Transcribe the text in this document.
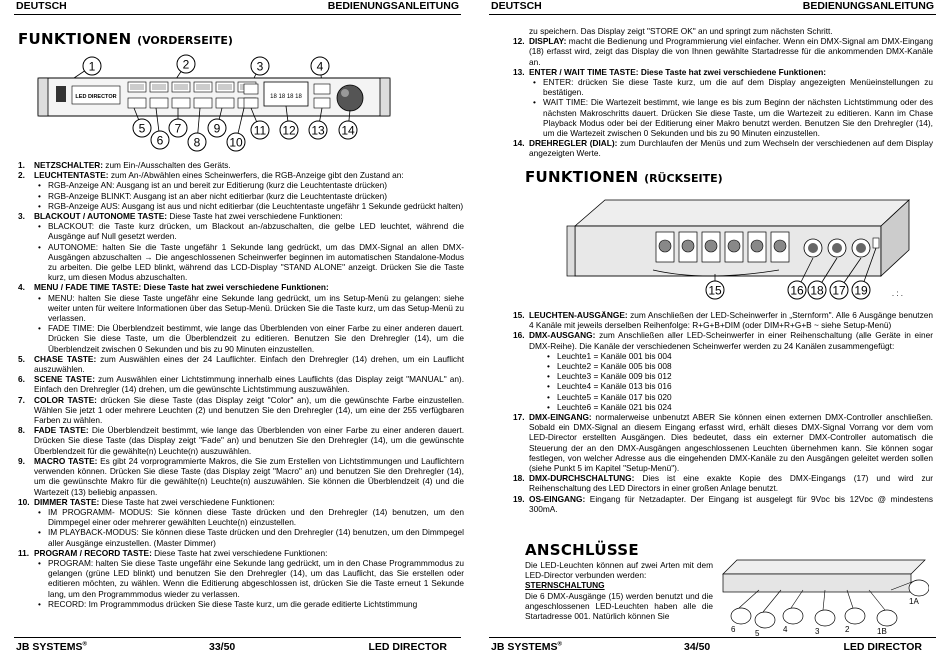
DEUTSCH	BEDIENUNGSANLEITUNG
FUNKTIONEN (VORDERSEITE)
1	2	3	4
LED DIRECTOR	18 18 18 18
5
6
7
8
9
10
11 12 13 14

1. NETZSCHALTER: zum Ein-/Ausschalten des Geräts.

2. LEUCHTENTASTE: zum An-/Abwählen eines Scheinwerfers, die RGB-Anzeige gibt den Zustand an:

• RGB-Anzeige AN: Ausgang ist an und bereit zur Editierung (kurz die Leuchtentaste drücken)

• RGB-Anzeige BLINKT: Ausgang ist an aber nicht editierbar (kurz die Leuchtentaste drücken)

• RGB-Anzeige AUS: Ausgang ist aus und nicht editierbar (die Leuchtentaste ungefähr 1 Sekunde gedrückt halten)

3. BLACKOUT / AUTONOME TASTE: Diese Taste hat zwei verschiedene Funktionen:

• BLACKOUT: die Taste kurz drücken, um Blackout an-/abzuschalten, die gelbe LED leuchtet, während die Ausgänge auf Null gesetzt werden.

• AUTONOME: halten Sie die Taste ungefähr 1 Sekunde lang gedrückt, um das DMX-Signal an allen DMX-Ausgängen abzuschalten → Die angeschlossenen Scheinwerfer beginnen im automatischen Standalone-Modus zu arbeiten. Die gelbe LED blinkt, während das LCD-Display "STAND ALONE" anzeigt. Drücken Sie die Taste kurz, um diesen Modus abzuschalten.

4. MENU / FADE TIME TASTE: Diese Taste hat zwei verschiedene Funktionen:

• MENU: halten Sie diese Taste ungefähr eine Sekunde lang gedrückt, um ins Setup-Menü zu gelangen: siehe weiter unten für weitere Informationen über das Setup-Menü. Drücken Sie die Taste kurz, um das Setup-Menü zu verlassen.

• FADE TIME: Die Überblendzeit bestimmt, wie lange das Überblenden von einer Farbe zu einer anderen dauert. Drücken Sie diese Taste, um die Überblendzeit zu editieren. Benutzen Sie den Drehregler (14), um die Überblendzeit zwischen 0 Sekunden und bis zu 90 Minuten einzustellen.

5. CHASE TASTE: zum Auswählen eines der 24 Lauflichter. Einfach den Drehregler (14) drehen, um ein Lauflicht auszuwählen.

6. SCENE TASTE: zum Auswählen einer Lichtstimmung innerhalb eines Lauflichts (das Display zeigt "MANUAL" an). Einfach den Drehregler (14) drehen, um die gewünschte Lichtstimmung auszuwählen.

7. COLOR TASTE: drücken Sie diese Taste (das Display zeigt "Color" an), um die gewünschte Farbe einzustellen. Wählen Sie jetzt 1 oder mehrere Leuchten (2) und benutzen Sie den Drehregler (14), um eine der 255 verfügbaren Farben zu wählen.

8. FADE TASTE: Die Überblendzeit bestimmt, wie lange das Überblenden von einer Farbe zu einer anderen dauert. Drücken Sie diese Taste (das Display zeigt "Fade" an) und benutzen Sie den Drehregler (14), um die gewünschte Überblendzeit für die gewählte(n) Leuchte(n) auszuwählen.

9. MACRO TASTE: Es gibt 24 vorprogrammierte Makros, die Sie zum Erstellen von Lichtstimmungen und Lauflichtern verwenden können. Drücken Sie diese Taste (das Display zeigt "Macro" an) und benutzen Sie den Drehregler (14), um die gewünschte Makro für die gewählte(n) Leuchte(n) auszuwählen. Sie können die Überblendzeit (4) und die Wartezeit (13) beliebig anpassen.

10. DIMMER TASTE: Diese Taste hat zwei verschiedene Funktionen:

• IM PROGRAMM- MODUS: Sie können diese Taste drücken und den Drehregler (14) benutzen, um den Dimmpegel einer oder mehrerer gewählten Leuchte(n) einzustellen.

• IM PLAYBACK-MODUS: Sie können diese Taste drücken und den Drehregler (14) benutzen, um den Dimmpegel aller Ausgänge einzustellen. (Master Dimmer)

11. PROGRAM / RECORD TASTE: Diese Taste hat zwei verschiedene Funktionen:

• PROGRAM: halten Sie diese Taste ungefähr eine Sekunde lang gedrückt, um in den Chase Programmmodus zu gelangen (grüne LED blinkt) und benutzen Sie den Drehregler (14), um das Lauflicht, das Sie erstellen oder editieren möchten, zu wählen. Wenn die Editierung abgeschlossen ist, drücken Sie die Taste erneut 1 Sekunde lang, um den Programmmodus wieder zu verlassen.

• RECORD: Im Programmmodus drücken Sie diese Taste kurz, um die gerade editierte Lichtstimmung

JB SYSTEMS®	33/50	LED DIRECTOR
DEUTSCH	BEDIENUNGSANLEITUNG

zu speichern. Das Display zeigt "STORE OK" an und springt zum nächsten Schritt.

12. DISPLAY: macht die Bedienung und Programmierung viel einfacher. Wenn ein DMX-Signal am DMX-Eingang (18) erfasst wird, zeigt das Display die von Ihnen gewählte Startadresse für die ankommenden DMX-Kanäle an.

13. ENTER / WAIT TIME TASTE: Diese Taste hat zwei verschiedene Funktionen:

• ENTER: drücken Sie diese Taste kurz, um die auf dem Display angezeigten Menüeinstellungen zu bestätigen.

• WAIT TIME: Die Wartezeit bestimmt, wie lange es bis zum Beginn der nächsten Lichtstimmung oder des nächsten Makroschritts dauert. Drücken Sie diese Taste, um die Wartezeit zu editieren. Kann im Chase Playback Modus oder bei der Editierung einer Makro benutzt werden. Benutzen Sie den Drehregler (14), um die Wartezeit zwischen 0 Sekunden und bis zu 90 Minuten einzustellen.

14. DREHREGLER (DIAL): zum Durchlaufen der Menüs und zum Wechseln der verschiedenen auf dem Display angezeigten Werte.

FUNKTIONEN (RÜCKSEITE)
15	16 18 17 19	. : .

15. LEUCHTEN-AUSGÄNGE: zum Anschließen der LED-Scheinwerfer in „Sternform". Alle 6 Ausgänge benutzen 4 Kanäle mit jeweils derselben Reihenfolge: R+G+B+DIM (oder DIM+R+G+B ~ siehe Setup-Menü)

16. DMX-AUSGANG: zum Anschließen aller LED-Scheinwerfer in einer Reihenschaltung (alle Geräte in einer DMX-Reihe). Die Kanäle der verschiedenen Scheinwerfer werden zu 24 Kanälen zusammengefügt:

• Leuchte1 = Kanäle 001 bis 004

• Leuchte2 = Kanäle 005 bis 008

• Leuchte3 = Kanäle 009 bis 012

• Leuchte4 = Kanäle 013 bis 016

• Leuchte5 = Kanäle 017 bis 020

• Leuchte6 = Kanäle 021 bis 024

17. DMX-EINGANG: normalerweise unbenutzt ABER Sie können einen externen DMX-Controller anschließen. Sobald ein DMX-Signal an diesem Eingang erfasst wird, erhält dieses DMX-Signal Vorrang vor dem vom LED-Director erstellten Ausgängen. Dies bedeutet, dass ein externer DMX-Controller automatisch die Steuerung der an den DMX-Ausgängen angeschlossenen Leuchten übernehmen kann. Sie können sogar festlegen, von welcher Adresse aus die eingehenden DMX-Kanäle zu den Ausgängen geleitet werden sollen (siehe Punkt 5 im Kapitel "Setup-Menü").

18. DMX-DURCHSCHALTUNG: Dies ist eine exakte Kopie des DMX-Eingangs (17) und wird zur Reihenschaltung des LED Directors in einer großen Anlage benutzt.

19. OS-EINGANG: Eingang für Netzadapter. Der Eingang ist ausgelegt für 9Vᴅᴄ bis 12Vᴅᴄ @ mindestens 300mA.

ANSCHLÜSSE

Die LED-Leuchten können auf zwei Arten mit dem LED-Director verbunden werden:

STERNSCHALTUNG

Die 6 DMX-Ausgänge (15) werden benutzt und die angeschlossenen LED-Leuchten haben alle die Startadresse 001. Natürlich können Sie

6 5	4	3	2	1B
1A
JB SYSTEMS®	34/50	LED DIRECTOR
